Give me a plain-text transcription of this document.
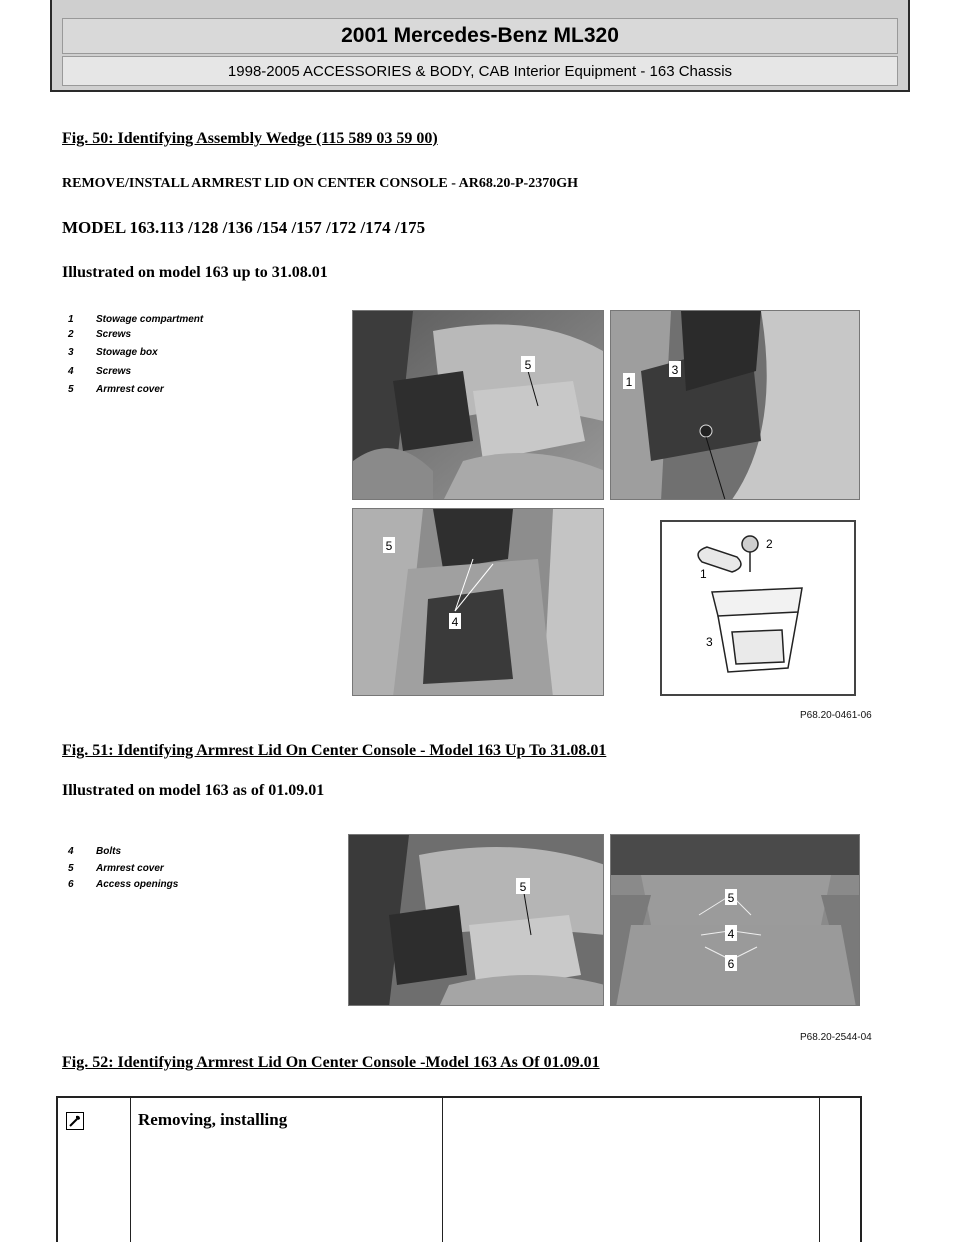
2001 Mercedes-Benz ML320
1998-2005 ACCESSORIES & BODY, CAB Interior Equipment - 163 Chassis
Fig. 50: Identifying Assembly Wedge (115 589 03 59 00)
REMOVE/INSTALL ARMREST LID ON CENTER CONSOLE - AR68.20-P-2370GH
MODEL 163.113 /128 /136 /154 /157 /172 /174 /175
Illustrated on model 163 up to 31.08.01
1	Stowage compartment
2	Screws
3	Stowage box
4	Screws
5	Armrest cover
5
1
3
5
4
1
2
3
P68.20-0461-06
Fig. 51: Identifying Armrest Lid On Center Console - Model 163 Up To 31.08.01
Illustrated on model 163 as of 01.09.01
4	Bolts
5	Armrest cover
6	Access openings	5
5
4
6
P68.20-2544-04
Fig. 52: Identifying Armrest Lid On Center Console -Model 163 As Of 01.09.01
Removing, installing
